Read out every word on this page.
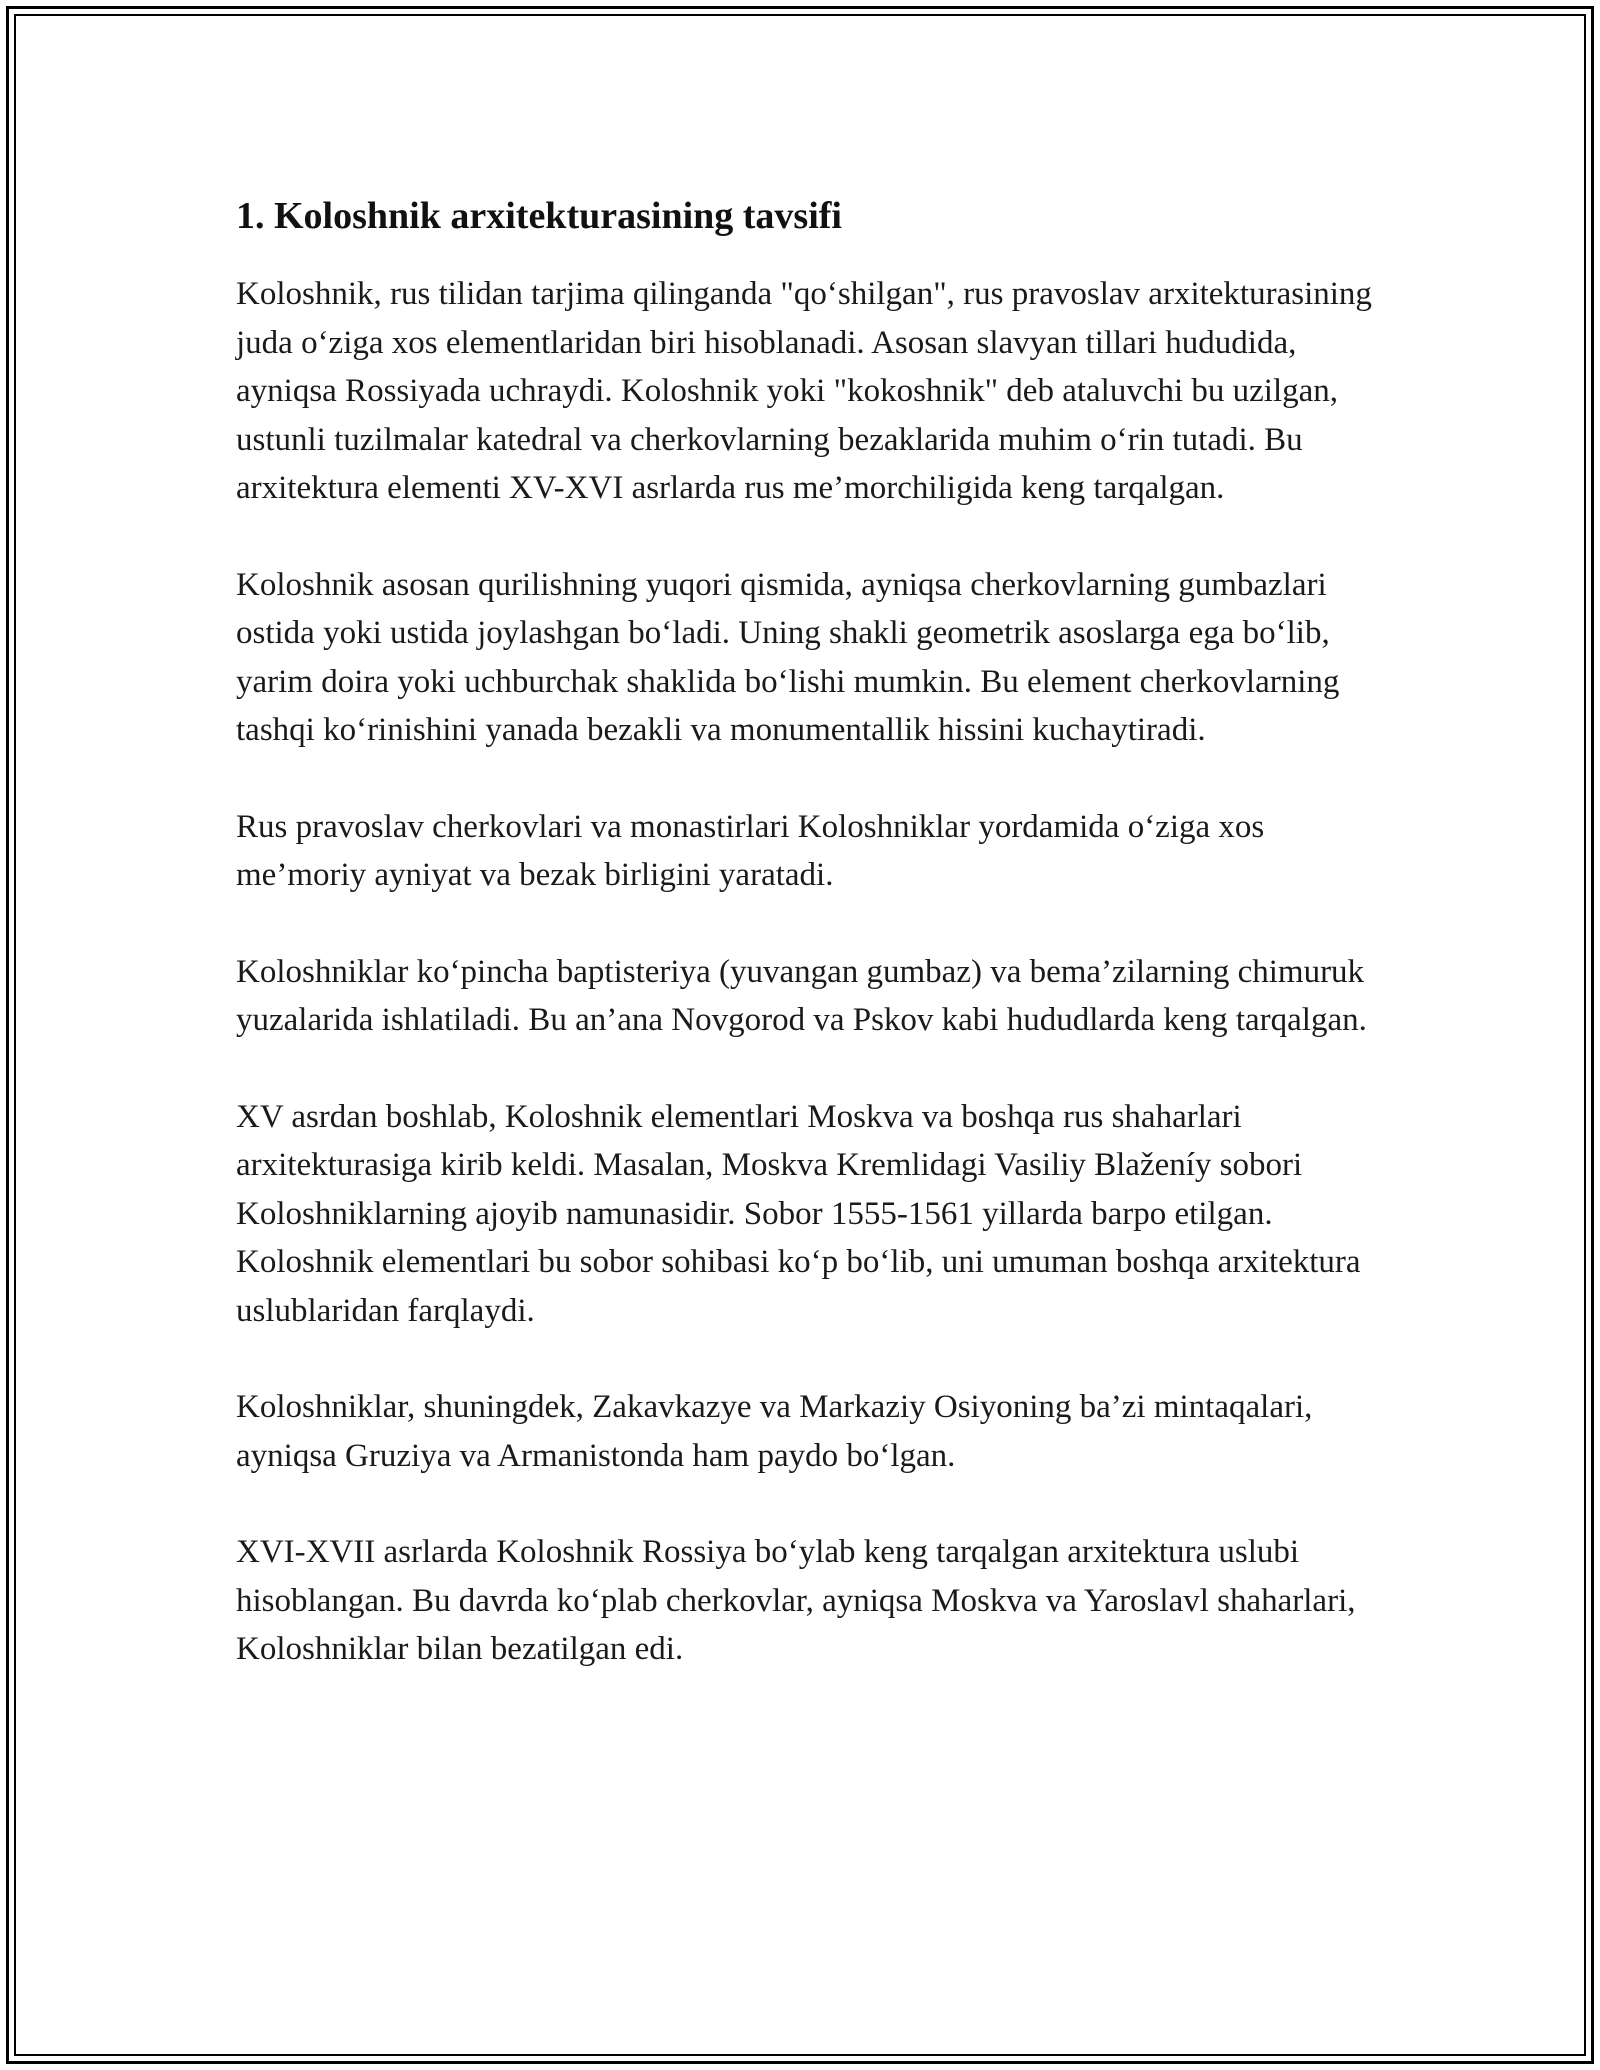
1. Koloshnik arxitekturasining tavsifi

Koloshnik, rus tilidan tarjima qilinganda "qo‘shilgan", rus pravoslav arxitekturasining juda o‘ziga xos elementlaridan biri hisoblanadi. Asosan slavyan tillari hududida, ayniqsa Rossiyada uchraydi. Koloshnik yoki "kokoshnik" deb ataluvchi bu uzilgan, ustunli tuzilmalar katedral va cherkovlarning bezaklarida muhim o‘rin tutadi. Bu arxitektura elementi XV-XVI asrlarda rus me’morchiligida keng tarqalgan.

Koloshnik asosan qurilishning yuqori qismida, ayniqsa cherkovlarning gumbazlari ostida yoki ustida joylashgan bo‘ladi. Uning shakli geometrik asoslarga ega bo‘lib, yarim doira yoki uchburchak shaklida bo‘lishi mumkin. Bu element cherkovlarning tashqi ko‘rinishini yanada bezakli va monumentallik hissini kuchaytiradi.

Rus pravoslav cherkovlari va monastirlari Koloshniklar yordamida o‘ziga xos me’moriy ayniyat va bezak birligini yaratadi.

Koloshniklar ko‘pincha baptisteriya (yuvangan gumbaz) va bema’zilarning chimuruk yuzalarida ishlatiladi. Bu an’ana Novgorod va Pskov kabi hududlarda keng tarqalgan.

XV asrdan boshlab, Koloshnik elementlari Moskva va boshqa rus shaharlari arxitekturasiga kirib keldi. Masalan, Moskva Kremlidagi Vasiliy Blaženíy sobori Koloshniklarning ajoyib namunasidir. Sobor 1555-1561 yillarda barpo etilgan. Koloshnik elementlari bu sobor sohibasi ko‘p bo‘lib, uni umuman boshqa arxitektura uslublaridan farqlaydi.

Koloshniklar, shuningdek, Zakavkazye va Markaziy Osiyoning ba’zi mintaqalari, ayniqsa Gruziya va Armanistonda ham paydo bo‘lgan.

XVI-XVII asrlarda Koloshnik Rossiya bo‘ylab keng tarqalgan arxitektura uslubi hisoblangan. Bu davrda ko‘plab cherkovlar, ayniqsa Moskva va Yaroslavl shaharlari, Koloshniklar bilan bezatilgan edi.
